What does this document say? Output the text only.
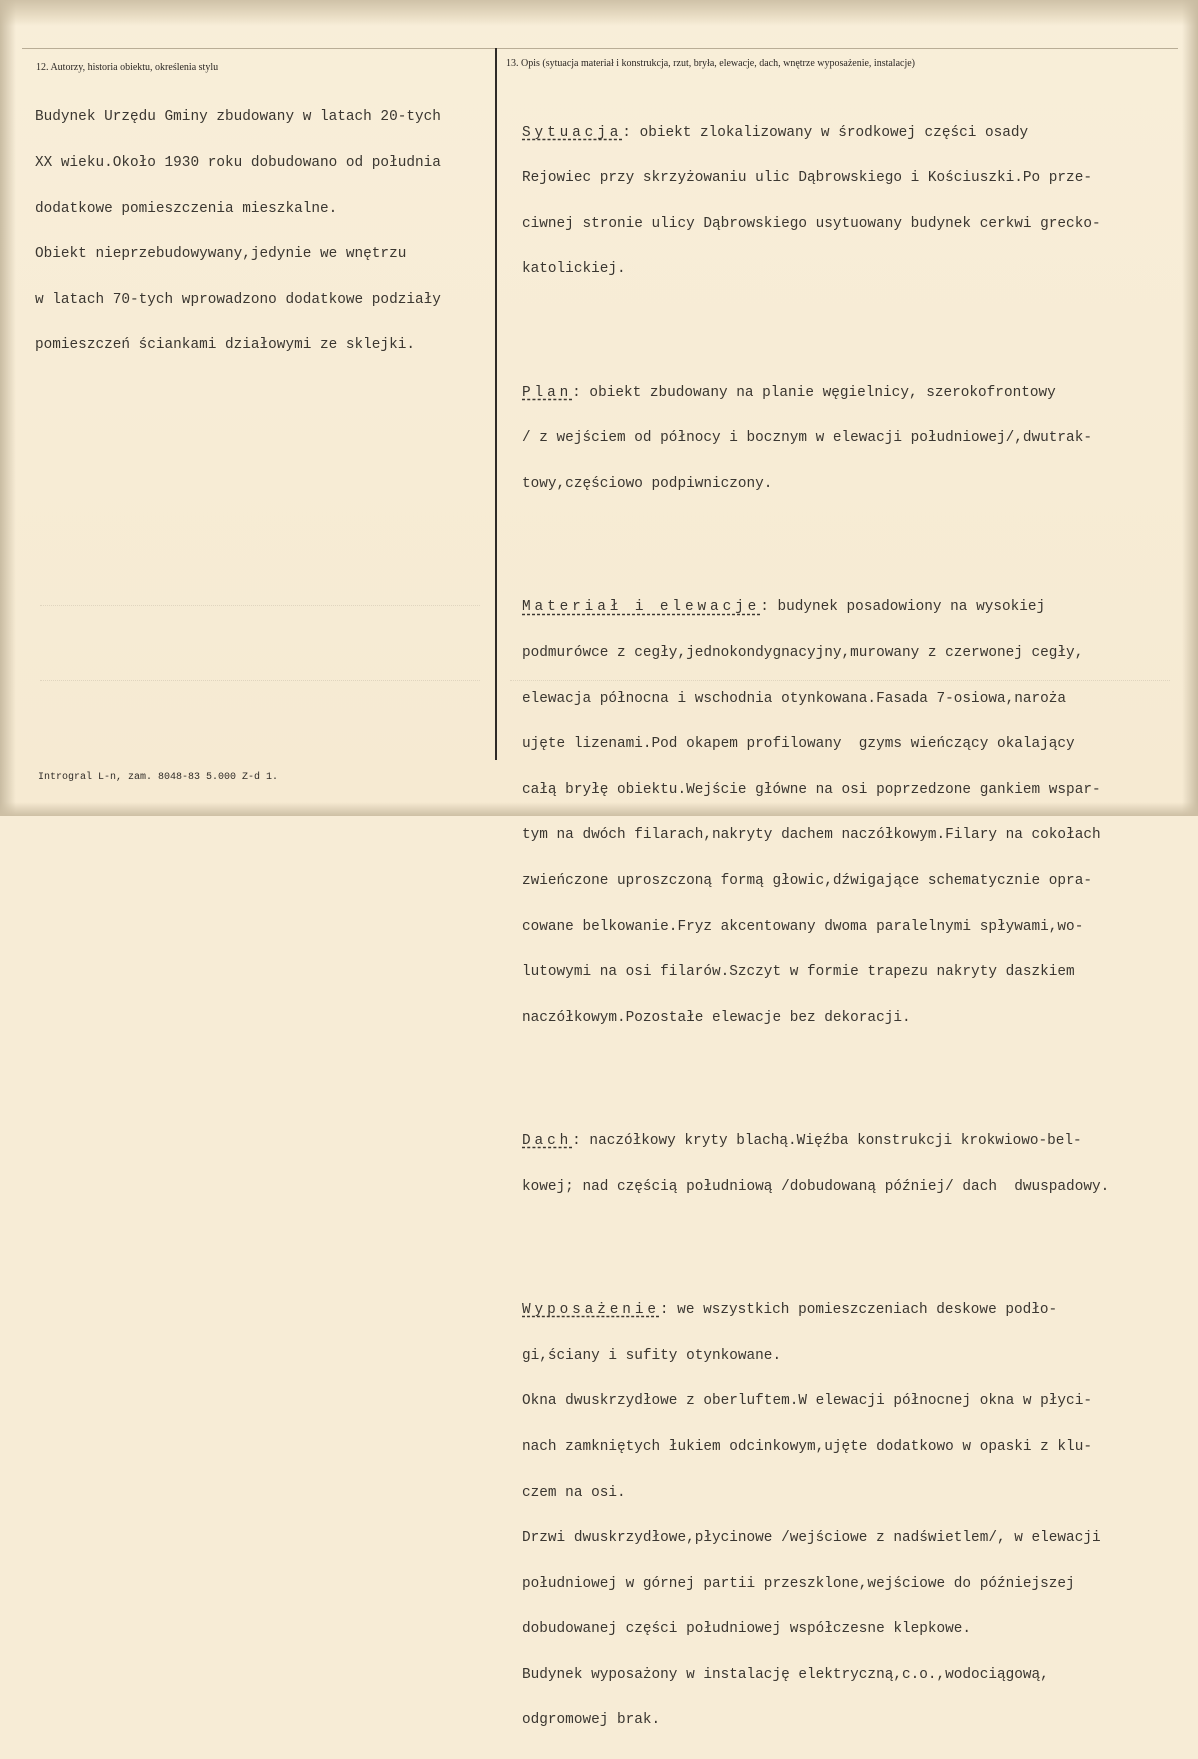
12. Autorzy, historia obiektu, określenia stylu	13. Opis (sytuacja materiał i konstrukcja, rzut, bryła, elewacje, dach, wnętrze wyposażenie, instalacje)

Budynek Urzędu Gminy zbudowany w latach 20-tych

XX wieku.Około 1930 roku dobudowano od południa

dodatkowe pomieszczenia mieszkalne.

Obiekt nieprzebudowywany,jedynie we wnętrzu

w latach 70-tych wprowadzono dodatkowe podziały

pomieszczeń ściankami działowymi ze sklejki.

Sytuacja: obiekt zlokalizowany w środkowej części osady

Rejowiec przy skrzyżowaniu ulic Dąbrowskiego i Kościuszki.Po prze-

ciwnej stronie ulicy Dąbrowskiego usytuowany budynek cerkwi grecko-

katolickiej.

Plan: obiekt zbudowany na planie węgielnicy, szerokofrontowy

/ z wejściem od północy i bocznym w elewacji południowej/,dwutrak-

towy,częściowo podpiwniczony.

Materiał i elewacje: budynek posadowiony na wysokiej

podmurówce z cegły,jednokondygnacyjny,murowany z czerwonej cegły,

elewacja północna i wschodnia otynkowana.Fasada 7-osiowa,naroża

ujęte lizenami.Pod okapem profilowany  gzyms wieńczący okalający

całą bryłę obiektu.Wejście główne na osi poprzedzone gankiem wspar-

tym na dwóch filarach,nakryty dachem naczółkowym.Filary na cokołach

zwieńczone uproszczoną formą głowic,dźwigające schematycznie opra-

cowane belkowanie.Fryz akcentowany dwoma paralelnymi spływami,wo-

lutowymi na osi filarów.Szczyt w formie trapezu nakryty daszkiem

naczółkowym.Pozostałe elewacje bez dekoracji.

Dach: naczółkowy kryty blachą.Więźba konstrukcji krokwiowo-bel-

kowej; nad częścią południową /dobudowaną później/ dach  dwuspadowy.

Wyposażenie: we wszystkich pomieszczeniach deskowe podło-

gi,ściany i sufity otynkowane.

Okna dwuskrzydłowe z oberluftem.W elewacji północnej okna w płyci-

nach zamkniętych łukiem odcinkowym,ujęte dodatkowo w opaski z klu-

czem na osi.

Drzwi dwuskrzydłowe,płycinowe /wejściowe z nadświetlem/, w elewacji

południowej w górnej partii przeszklone,wejściowe do późniejszej

dobudowanej części południowej współczesne klepkowe.

Budynek wyposażony w instalację elektryczną,c.o.,wodociągową,

odgromowej brak.

Introgral L-n, zam. 8048-83 5.000 Z-d 1.
